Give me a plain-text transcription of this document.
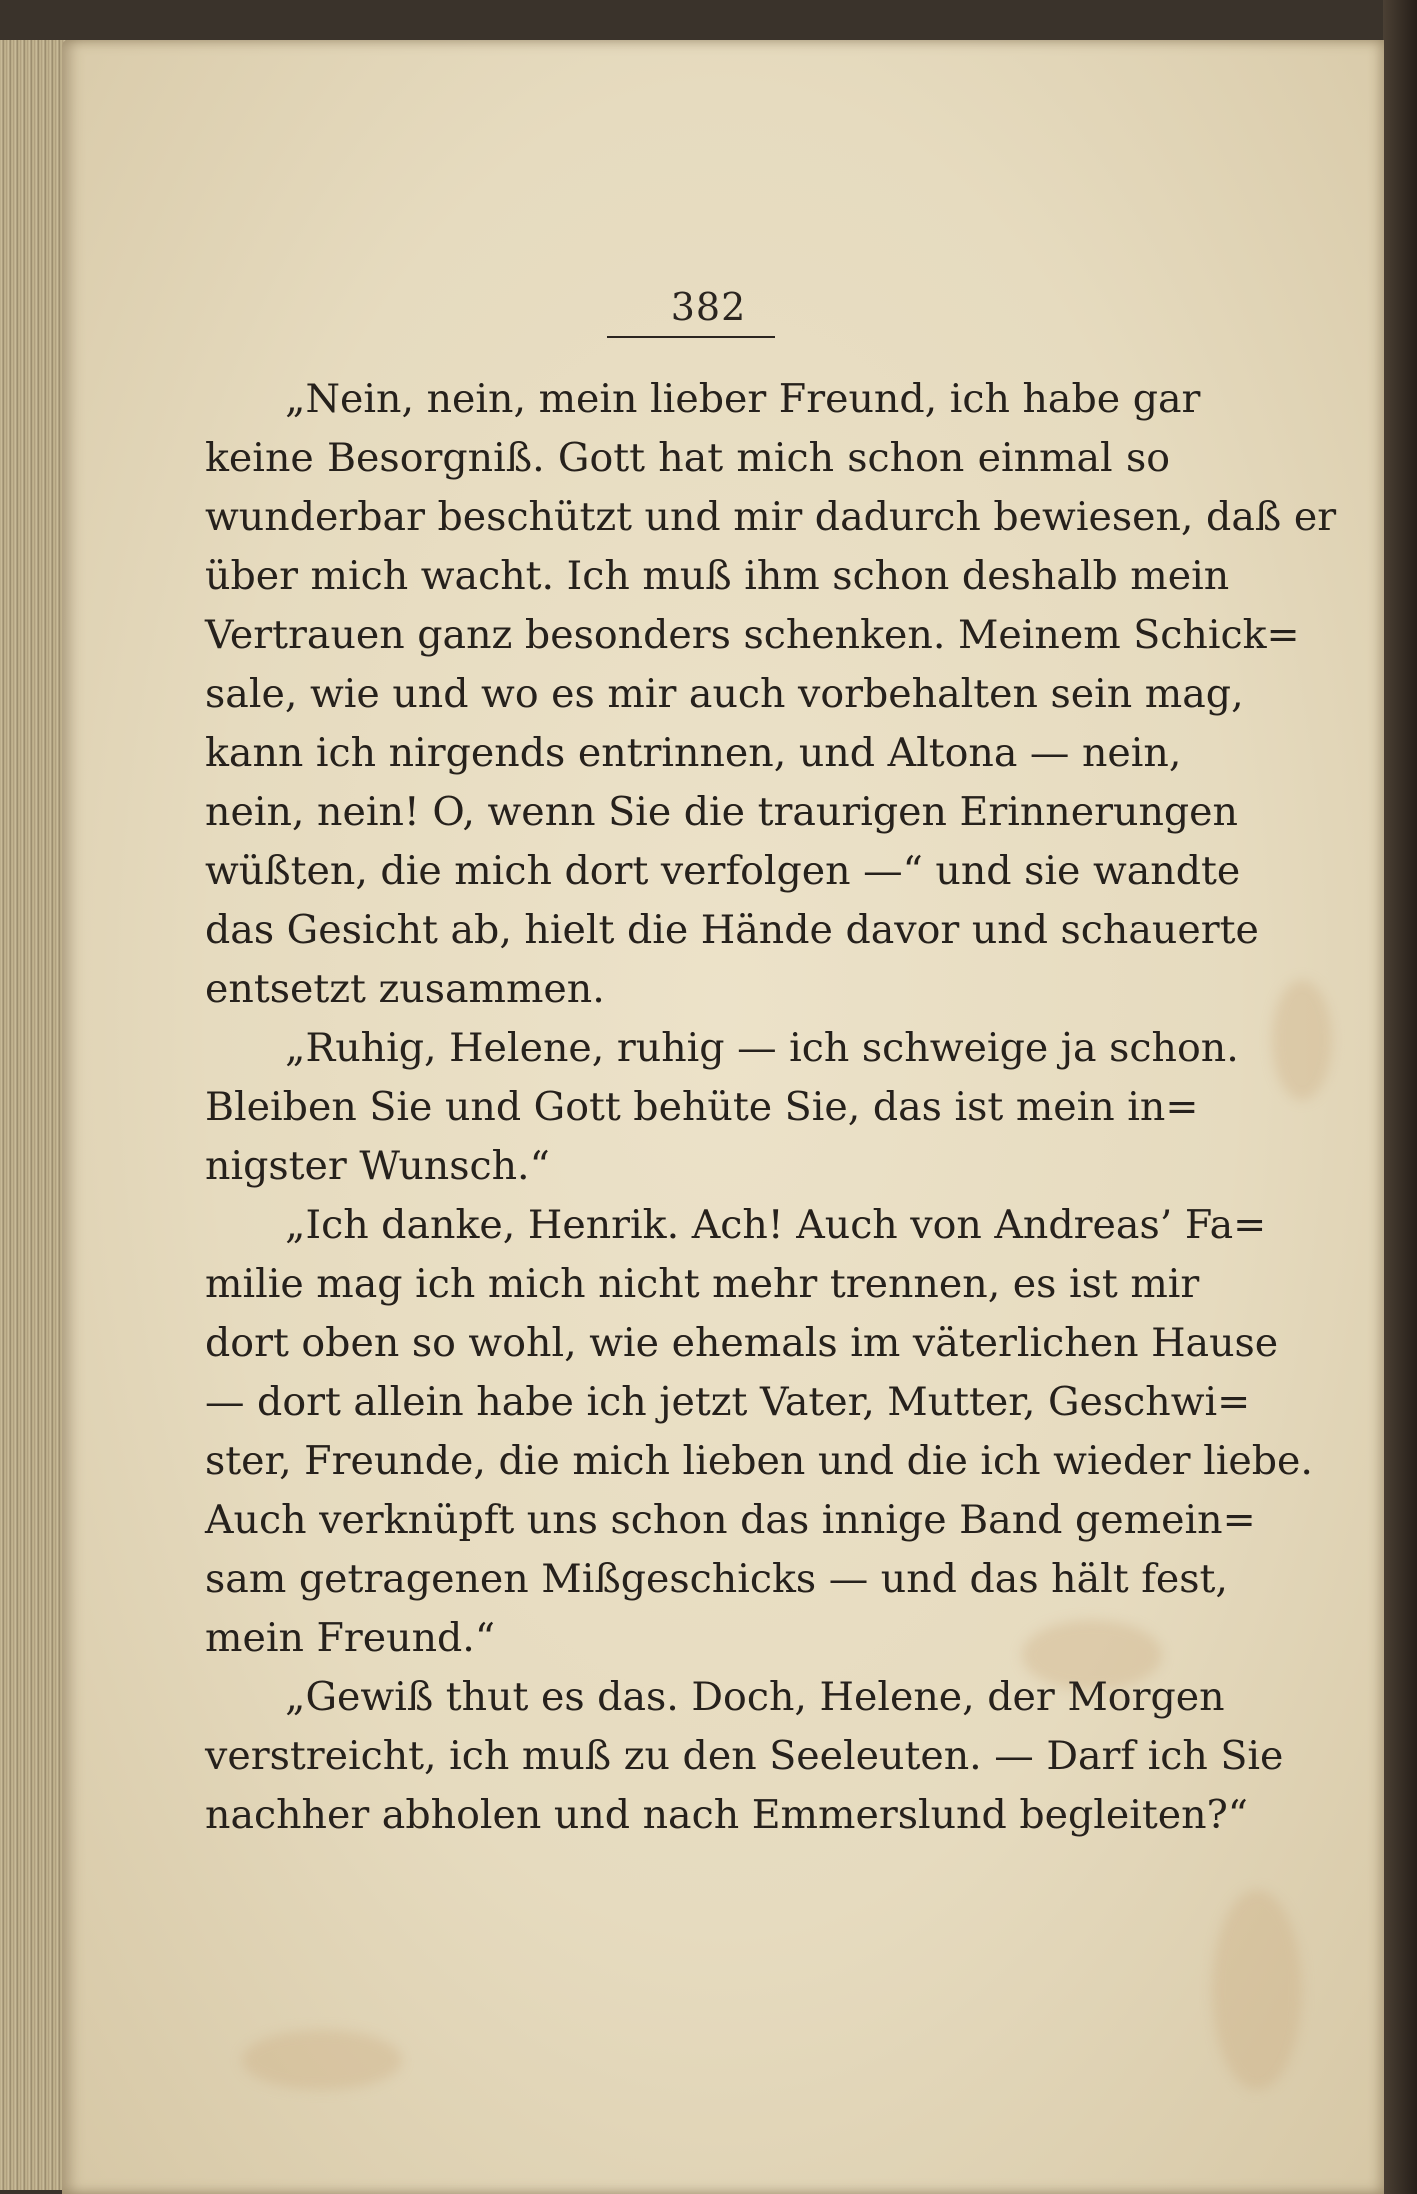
382
„Nein, nein, mein lieber Freund, ich habe gar
keine Besorgniß. Gott hat mich schon einmal so
wunderbar beschützt und mir dadurch bewiesen, daß er
über mich wacht. Ich muß ihm schon deshalb mein
Vertrauen ganz besonders schenken. Meinem Schick=
sale, wie und wo es mir auch vorbehalten sein mag,
kann ich nirgends entrinnen, und Altona — nein,
nein, nein! O, wenn Sie die traurigen Erinnerungen
wüßten, die mich dort verfolgen —“ und sie wandte
das Gesicht ab, hielt die Hände davor und schauerte
entsetzt zusammen.
„Ruhig, Helene, ruhig — ich schweige ja schon.
Bleiben Sie und Gott behüte Sie, das ist mein in=
nigster Wunsch.“
„Ich danke, Henrik. Ach! Auch von Andreas’ Fa=
milie mag ich mich nicht mehr trennen, es ist mir
dort oben so wohl, wie ehemals im väterlichen Hause
— dort allein habe ich jetzt Vater, Mutter, Geschwi=
ster, Freunde, die mich lieben und die ich wieder liebe.
Auch verknüpft uns schon das innige Band gemein=
sam getragenen Mißgeschicks — und das hält fest,
mein Freund.“
„Gewiß thut es das. Doch, Helene, der Morgen
verstreicht, ich muß zu den Seeleuten. — Darf ich Sie
nachher abholen und nach Emmerslund begleiten?“
